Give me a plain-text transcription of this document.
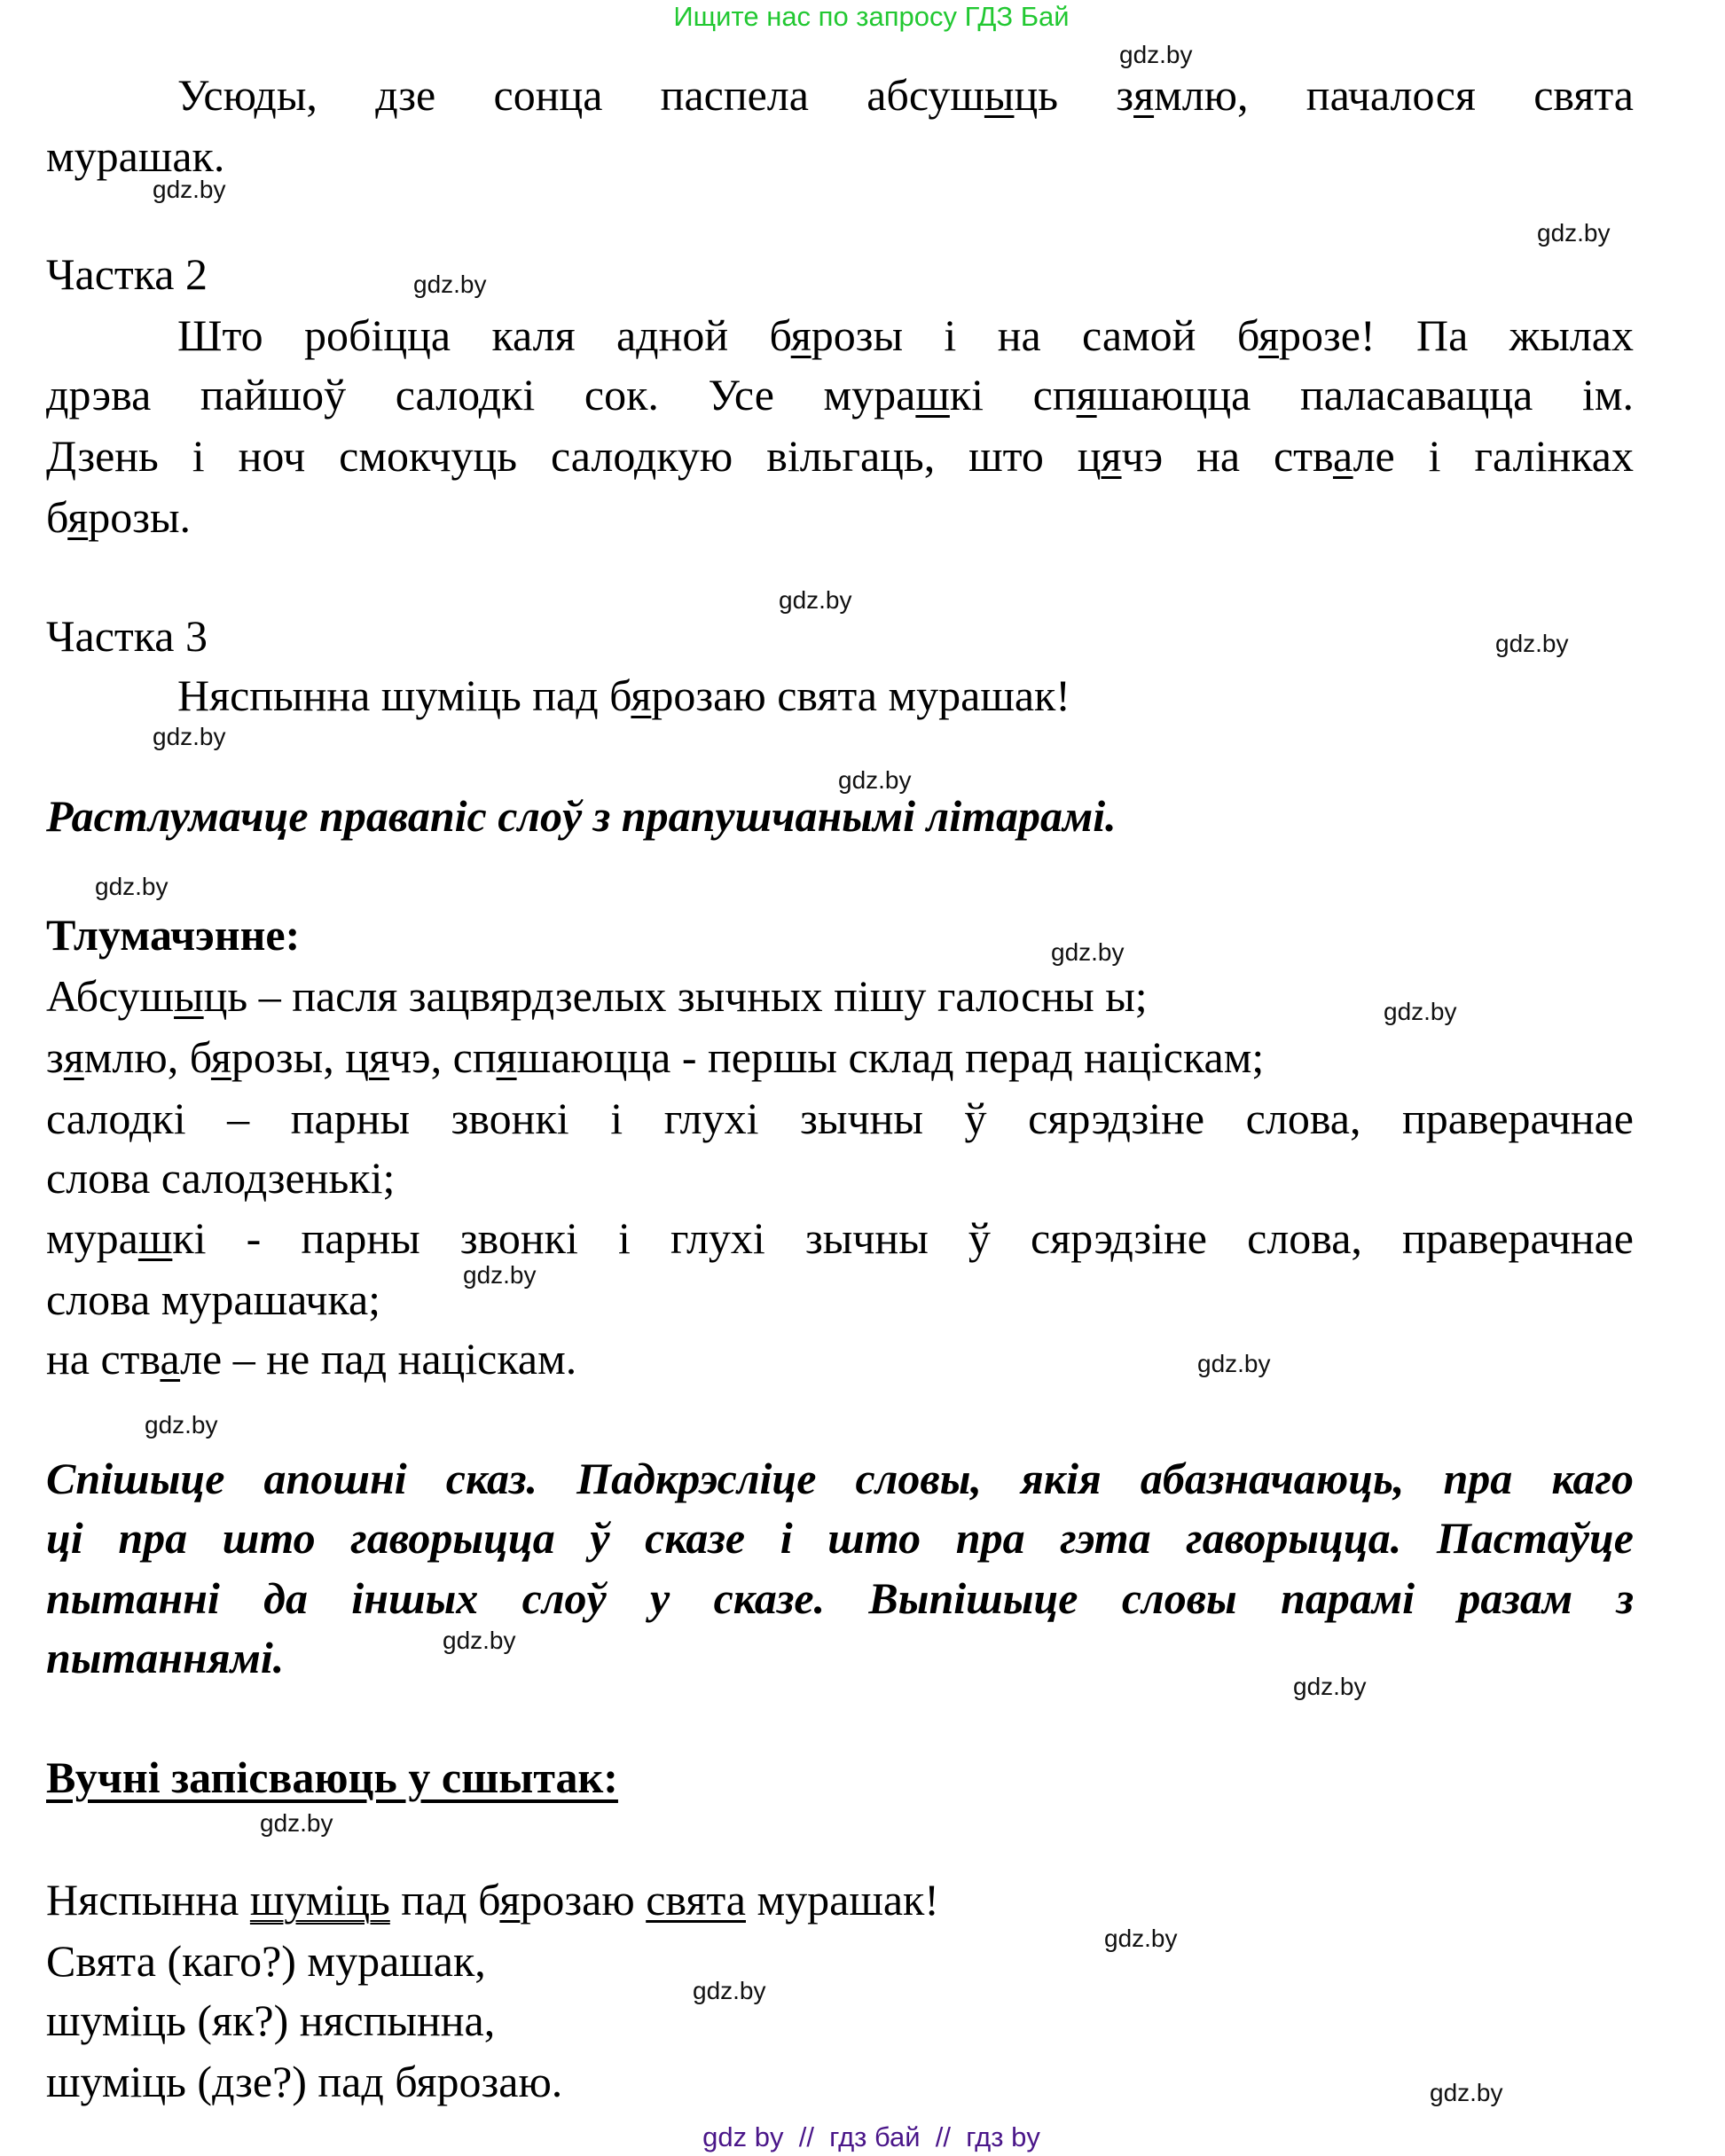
Ищите нас по запросу ГДЗ Бай
Усюды, дзе сонца паспела абсушыць зямлю, пачалося свята
мурашак.
Частка 2
Што робіцца каля адной бярозы і на самой бярозе! Па жылах
дрэва пайшоў салодкі сок. Усе мурашкі спяшаюцца паласавацца ім.
Дзень і ноч смокчуць салодкую вільгаць, што цячэ на ствале і галінках
бярозы.
Частка 3
Няспынна шуміць пад бярозаю свята мурашак!
Растлумачце правапіс слоў з прапушчанымі літарамі.
Тлумачэнне:
Абсушыць – пасля зацвярдзелых зычных пішу галосны ы;
зямлю, бярозы, цячэ, спяшаюцца - першы склад перад націскам;
салодкі – парны звонкі і глухі зычны ў сярэдзіне слова, праверачнае
слова салодзенькі;
мурашкі - парны звонкі і глухі зычны ў сярэдзіне слова, праверачнае
слова мурашачка;
на ствале – не пад націскам.
Спішыце апошні сказ. Падкрэсліце словы, якія абазначаюць, пра каго
ці пра што гаворыцца ў сказе і што пра гэта гаворыцца. Пастаўце
пытанні да іншых слоў у сказе. Выпішыце словы парамі разам з
пытаннямі.
Вучні запісваюць у сшытак:
Няспынна шуміць пад бярозаю свята мурашак!
Свята (каго?) мурашак,
шуміць (як?) няспынна,
шуміць (дзе?) пад бярозаю.
gdz.by
gdz.by
gdz.by
gdz.by
gdz.by
gdz.by
gdz.by
gdz.by
gdz.by
gdz.by
gdz.by
gdz.by
gdz.by
gdz.by
gdz.by
gdz.by
gdz.by
gdz.by
gdz.by
gdz.by
gdz by  //  гдз бай  //  гдз by
